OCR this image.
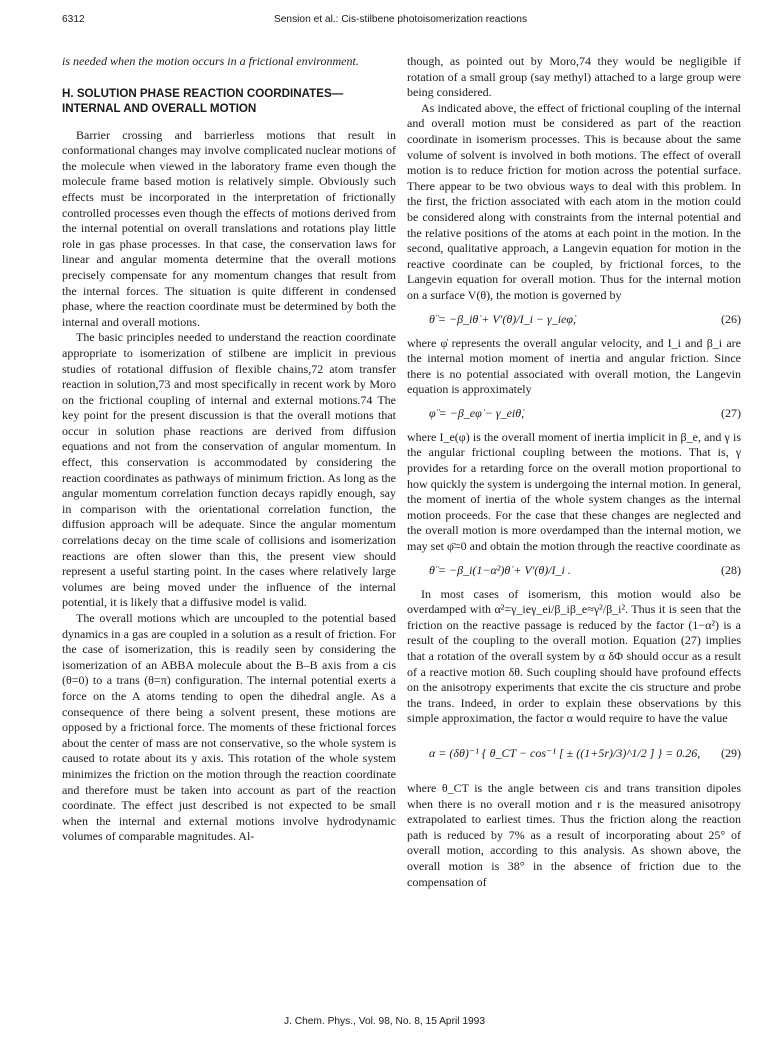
6312	Sension et al.: Cis-stilbene photoisomerization reactions

is needed when the motion occurs in a frictional environment.

H. SOLUTION PHASE REACTION COORDINATES— INTERNAL AND OVERALL MOTION

Barrier crossing and barrierless motions that result in conformational changes may involve complicated nuclear motions of the molecule when viewed in the laboratory frame even though the molecule frame based motion is relatively simple. Obviously such effects must be incorporated in the interpretation of frictionally controlled processes even though the effects of motions derived from the internal potential on overall translations and rotations play little role in gas phase processes. In that case, the conservation laws for linear and angular momenta determine that the overall motions precisely compensate for any momentum changes that result from the internal forces. The situation is quite different in condensed phase, where the reaction coordinate must be determined by both the internal and overall motions.

The basic principles needed to understand the reaction coordinate appropriate to isomerization of stilbene are implicit in previous studies of rotational diffusion of flexible chains,72 atom transfer reaction in solution,73 and most specifically in recent work by Moro on the frictional coupling of internal and external motions.74 The key point for the present discussion is that the overall motions that occur in solution phase reactions are derived from diffusion equations and not from the conservation of angular momentum. In effect, this conservation is accommodated by considering the reaction coordinates as pathways of minimum friction. As long as the angular momentum correlation function decays rapidly enough, say in comparison with the orientational correlation function, the diffusion approach will be adequate. Since the angular momentum correlations decay on the time scale of collisions and isomerization reactions are often slower than this, the present view should represent a useful starting point. In the cases where relatively large volumes are being moved under the influence of the internal potential, it is likely that a diffusive model is valid.

The overall motions which are uncoupled to the potential based dynamics in a gas are coupled in a solution as a result of friction. For the case of isomerization, this is readily seen by considering the isomerization of an ABBA molecule about the B–B axis from a cis (θ=0) to a trans (θ=π) configuration. The internal potential exerts a force on the A atoms tending to open the dihedral angle. As a consequence of there being a solvent present, these motions are opposed by a frictional force. The moments of these frictional forces about the center of mass are not conservative, so the whole system is caused to rotate about its y axis. This rotation of the whole system minimizes the friction on the motion through the reaction coordinate and therefore must be taken into account as part of the reaction coordinate. The effect just described is not expected to be small when the internal and external motions involve hydrodynamic volumes of comparable magnitudes. Al-

though, as pointed out by Moro,74 they would be negligible if rotation of a small group (say methyl) attached to a large group were being considered.

As indicated above, the effect of frictional coupling of the internal and overall motion must be considered as part of the reaction coordinate in isomerism processes. This is because about the same volume of solvent is involved in both motions. The effect of overall motion is to reduce friction for motion across the potential surface. There appear to be two obvious ways to deal with this problem. In the first, the friction associated with each atom in the motion could be considered along with constraints from the internal potential and the relative positions of the atoms at each point in the motion. In the second, qualitative approach, a Langevin equation for motion in the reactive coordinate can be coupled, by frictional forces, to the Langevin equation for overall motion. Thus for the internal motion on a surface V(θ), the motion is governed by

θ̈ = −β_iθ̇ + V′(θ)/I_i − γ_ieφ̇,	(26)

where φ̇ represents the overall angular velocity, and I_i and β_i are the internal motion moment of inertia and angular friction. Since there is no potential associated with overall motion, the Langevin equation is approximately

φ̈ = −β_eφ̇ − γ_eiθ̇,	(27)

where I_e(φ) is the overall moment of inertia implicit in β_e, and γ is the angular frictional coupling between the motions. That is, γ provides for a retarding force on the overall motion proportional to how quickly the system is undergoing the internal motion. In general, the moment of inertia of the whole system changes as the internal motion proceeds. For the case that these changes are neglected and the overall motion is more overdamped than the internal motion, we may set φ̈=0 and obtain the motion through the reactive coordinate as

θ̈ = −β_i(1−α²)θ̇ + V′(θ)/I_i .	(28)

In most cases of isomerism, this motion would also be overdamped with α²=γ_ieγ_ei/β_iβ_e≈γ²/β_i². Thus it is seen that the friction on the reactive passage is reduced by the factor (1−α²) is a result of the coupling to the overall motion. Equation (27) implies that a rotation of the overall system by α δΦ should occur as a result of a reactive motion δθ. Such coupling should have profound effects on the anisotropy experiments that excite the cis structure and probe the trans. Indeed, in order to explain these observations by this simple approximation, the factor α would require to have the value

α = (δθ)⁻¹ { θ_CT − cos⁻¹ [ ± ((1+5r)/3)^1/2 ] } = 0.26, (29)

where θ_CT is the angle between cis and trans transition dipoles when there is no overall motion and r is the measured anisotropy extrapolated to earliest times. Thus the friction along the reaction path is reduced by 7% as a result of incorporating about 25° of overall motion, according to this analysis. As shown above, the overall motion is 38° in the absence of friction due to the compensation of

J. Chem. Phys., Vol. 98, No. 8, 15 April 1993
